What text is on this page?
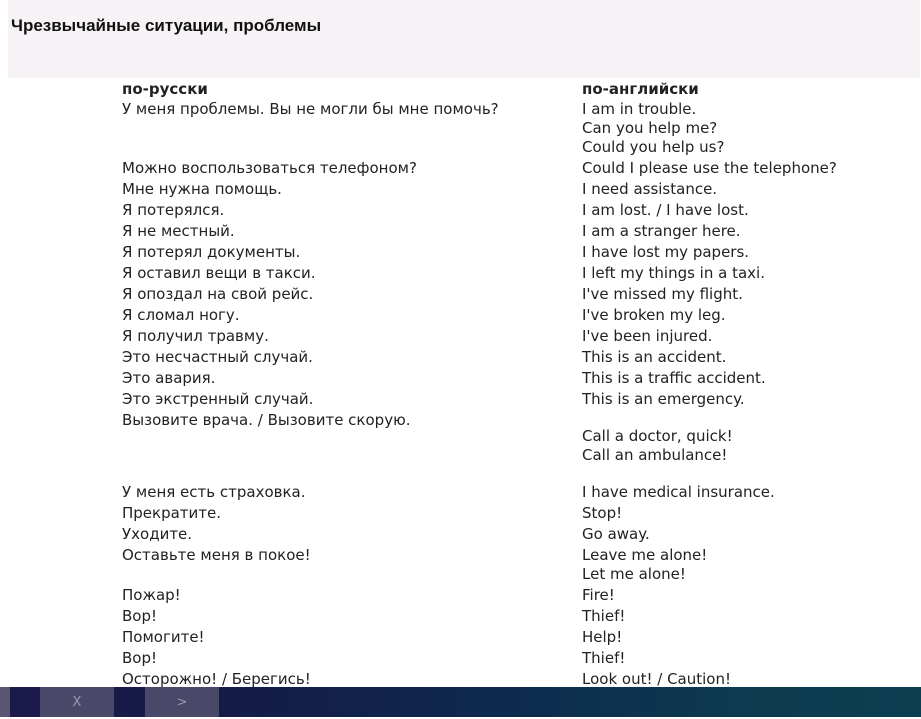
Чрезвычайные ситуации, проблемы
по-русски	по-английски
У меня проблемы. Вы не могли бы мне помочь?	I am in trouble.
Can you help me?
Could you help us?
Можно воспользоваться телефоном?	Could I please use the telephone?
Мне нужна помощь.	I need assistance.
Я потерялся.	I am lost. / I have lost.
Я не местный.	I am a stranger here.
Я потерял документы.	I have lost my papers.
Я оставил вещи в такси.	I left my things in a taxi.
Я опоздал на свой рейс.	I've missed my flight.
Я сломал ногу.	I've broken my leg.
Я получил травму.	I've been injured.
Это несчастный случай.	This is an accident.
Это авария.	This is a traffic accident.
Это экстренный случай.	This is an emergency.
Вызовите врача. / Вызовите скорую.
Call a doctor, quick!
Call an ambulance!
У меня есть страховка.	I have medical insurance.
Прекратите.	Stop!
Уходите.	Go away.
Оставьте меня в покое!	Leave me alone!
Let me alone!
Пожар!	Fire!
Вор!	Thief!
Помогите!	Help!
Вор!	Thief!
Осторожно! / Берегись!	Look out! / Caution!
X	>
